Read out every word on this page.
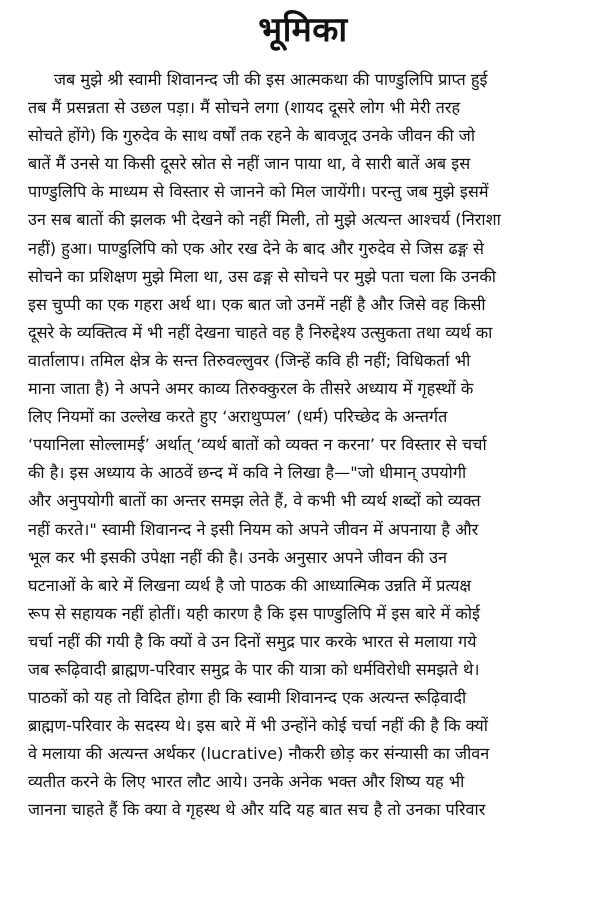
भूमिका
जब मुझे श्री स्वामी शिवानन्द जी की इस आत्मकथा की पाण्डुलिपि प्राप्त हुई
तब मैं प्रसन्नता से उछल पड़ा। मैं सोचने लगा (शायद दूसरे लोग भी मेरी तरह
सोचते होंगे) कि गुरुदेव के साथ वर्षों तक रहने के बावजूद उनके जीवन की जो
बातें मैं उनसे या किसी दूसरे स्रोत से नहीं जान पाया था, वे सारी बातें अब इस
पाण्डुलिपि के माध्यम से विस्तार से जानने को मिल जायेंगी। परन्तु जब मुझे इसमें
उन सब बातों की झलक भी देखने को नहीं मिली, तो मुझे अत्यन्त आश्चर्य (निराशा
नहीं) हुआ। पाण्डुलिपि को एक ओर रख देने के बाद और गुरुदेव से जिस ढङ्ग से
सोचने का प्रशिक्षण मुझे मिला था, उस ढङ्ग से सोचने पर मुझे पता चला कि उनकी
इस चुप्पी का एक गहरा अर्थ था। एक बात जो उनमें नहीं है और जिसे वह किसी
दूसरे के व्यक्तित्व में भी नहीं देखना चाहते वह है निरुद्देश्य उत्सुकता तथा व्यर्थ का
वार्तालाप। तमिल क्षेत्र के सन्त तिरुवल्लुवर (जिन्हें कवि ही नहीं; विधिकर्ता भी
माना जाता है) ने अपने अमर काव्य तिरुक्कुरल के तीसरे अध्याय में गृहस्थों के
लिए नियमों का उल्लेख करते हुए ‘अराथुप्पल’ (धर्म) परिच्छेद के अन्तर्गत
‘पयानिला सोल्लामई’ अर्थात् ‘व्यर्थ बातों को व्यक्त न करना’ पर विस्तार से चर्चा
की है। इस अध्याय के आठवें छन्द में कवि ने लिखा है—"जो धीमान् उपयोगी
और अनुपयोगी बातों का अन्तर समझ लेते हैं, वे कभी भी व्यर्थ शब्दों को व्यक्त
नहीं करते।" स्वामी शिवानन्द ने इसी नियम को अपने जीवन में अपनाया है और
भूल कर भी इसकी उपेक्षा नहीं की है। उनके अनुसार अपने जीवन की उन
घटनाओं के बारे में लिखना व्यर्थ है जो पाठक की आध्यात्मिक उन्नति में प्रत्यक्ष
रूप से सहायक नहीं होतीं। यही कारण है कि इस पाण्डुलिपि में इस बारे में कोई
चर्चा नहीं की गयी है कि क्यों वे उन दिनों समुद्र पार करके भारत से मलाया गये
जब रूढ़िवादी ब्राह्मण-परिवार समुद्र के पार की यात्रा को धर्मविरोधी समझते थे।
पाठकों को यह तो विदित होगा ही कि स्वामी शिवानन्द एक अत्यन्त रूढ़िवादी
ब्राह्मण-परिवार के सदस्य थे। इस बारे में भी उन्होंने कोई चर्चा नहीं की है कि क्यों
वे मलाया की अत्यन्त अर्थकर (lucrative) नौकरी छोड़ कर संन्यासी का जीवन
व्यतीत करने के लिए भारत लौट आये। उनके अनेक भक्त और शिष्य यह भी
जानना चाहते हैं कि क्या वे गृहस्थ थे और यदि यह बात सच है तो उनका परिवार
